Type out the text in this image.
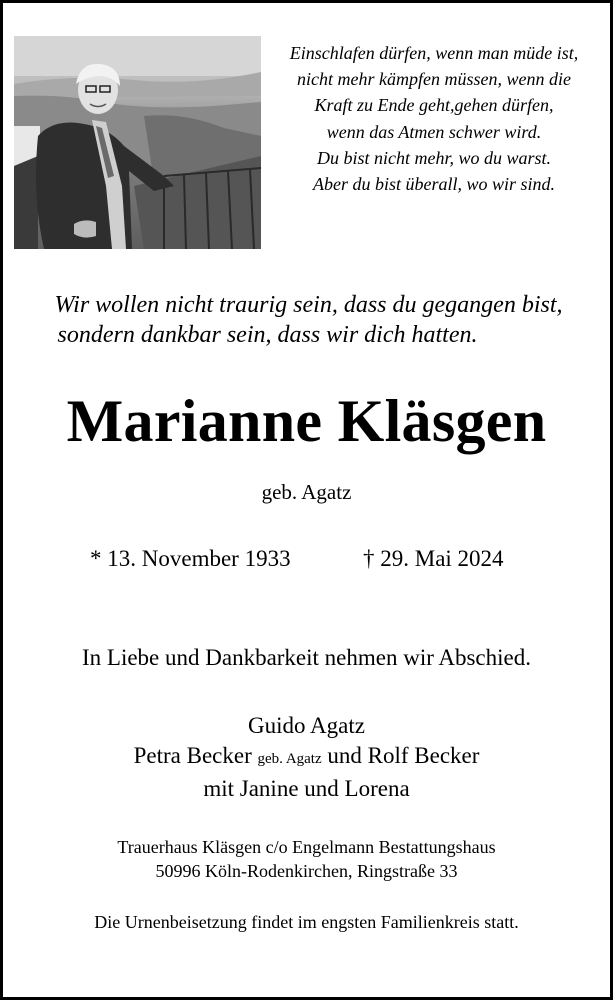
Einschlafen dürfen, wenn man müde ist,
nicht mehr kämpfen müssen, wenn die
Kraft zu Ende geht,gehen dürfen,
wenn das Atmen schwer wird.
Du bist nicht mehr, wo du warst.
Aber du bist überall, wo wir sind.
Wir wollen nicht traurig sein, dass du gegangen bist,
sondern dankbar sein, dass wir dich hatten.
Marianne Kläsgen
geb. Agatz
* 13. November 1933	† 29. Mai 2024
In Liebe und Dankbarkeit nehmen wir Abschied.
Guido Agatz
Petra Becker geb. Agatz und Rolf Becker
mit Janine und Lorena
Trauerhaus Kläsgen c/o Engelmann Bestattungshaus
50996 Köln-Rodenkirchen, Ringstraße 33
Die Urnenbeisetzung findet im engsten Familienkreis statt.
